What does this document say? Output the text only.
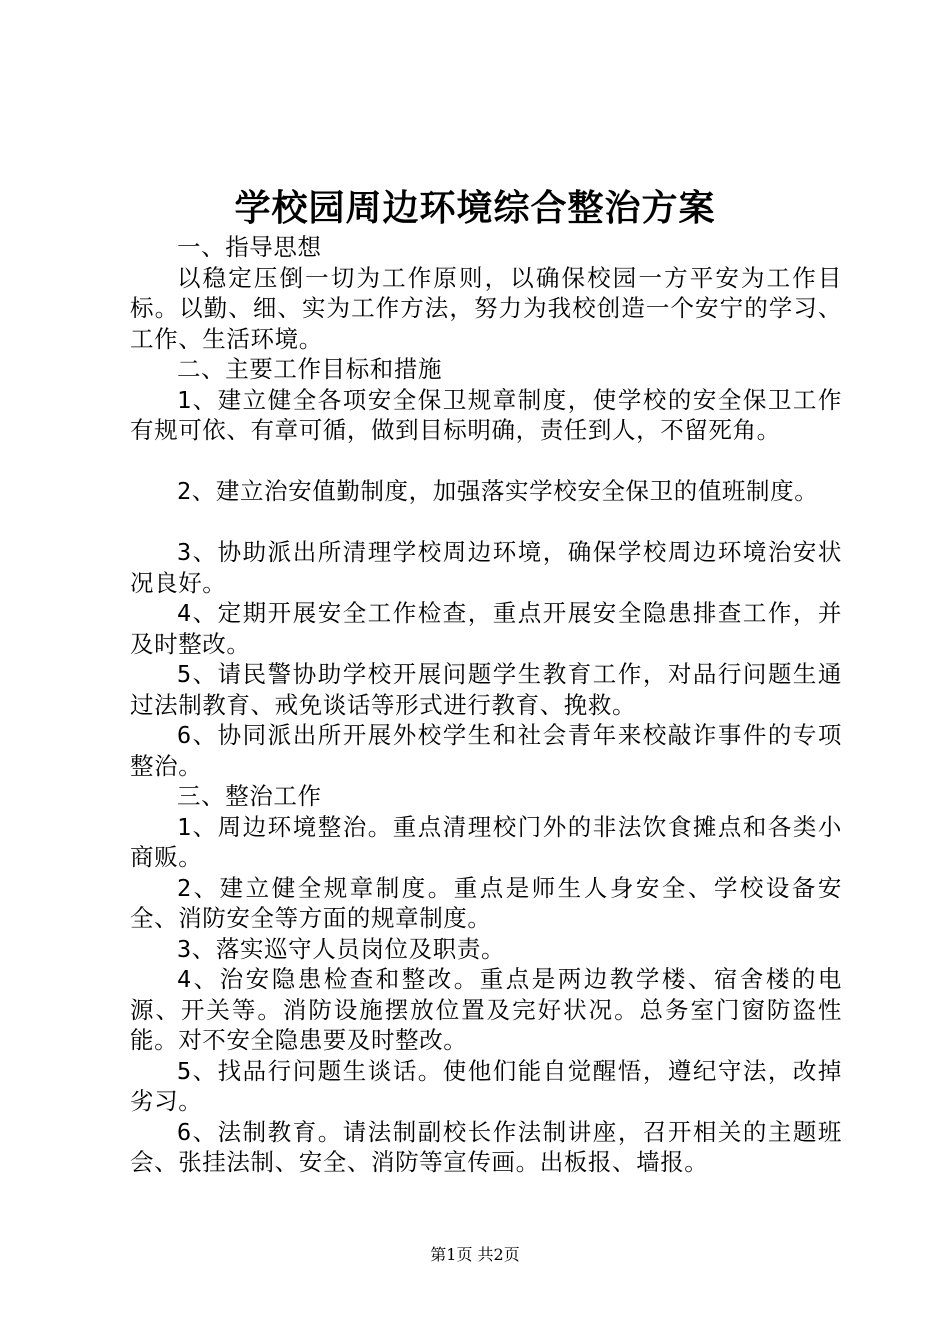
学校园周边环境综合整治方案

一、指导思想

以稳定压倒一切为工作原则，以确保校园一方平安为工作目标。以勤、细、实为工作方法，努力为我校创造一个安宁的学习、工作、生活环境。

二、主要工作目标和措施

1、建立健全各项安全保卫规章制度，使学校的安全保卫工作有规可依、有章可循，做到目标明确，责任到人，不留死角。

2、建立治安值勤制度，加强落实学校安全保卫的值班制度。

3、协助派出所清理学校周边环境，确保学校周边环境治安状况良好。

4、定期开展安全工作检查，重点开展安全隐患排查工作，并及时整改。

5、请民警协助学校开展问题学生教育工作，对品行问题生通过法制教育、戒免谈话等形式进行教育、挽救。

6、协同派出所开展外校学生和社会青年来校敲诈事件的专项整治。

三、整治工作

1、周边环境整治。重点清理校门外的非法饮食摊点和各类小商贩。

2、建立健全规章制度。重点是师生人身安全、学校设备安全、消防安全等方面的规章制度。

3、落实巡守人员岗位及职责。

4、治安隐患检查和整改。重点是两边教学楼、宿舍楼的电源、开关等。消防设施摆放位置及完好状况。总务室门窗防盗性能。对不安全隐患要及时整改。

5、找品行问题生谈话。使他们能自觉醒悟，遵纪守法，改掉劣习。

6、法制教育。请法制副校长作法制讲座，召开相关的主题班会、张挂法制、安全、消防等宣传画。出板报、墙报。

第1页 共2页
